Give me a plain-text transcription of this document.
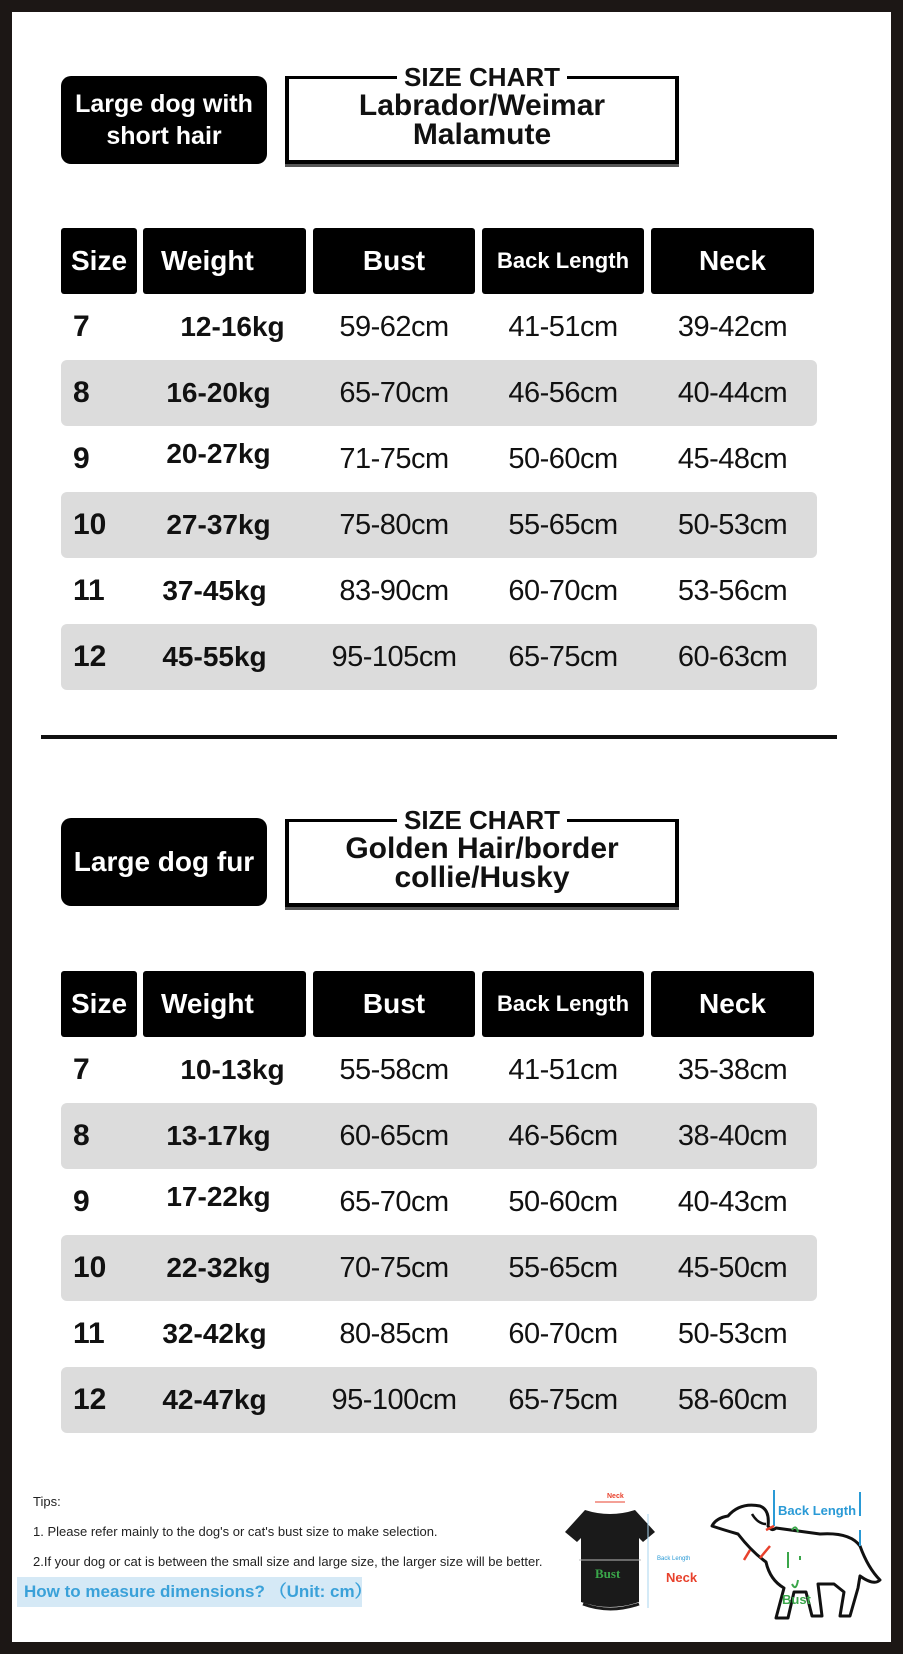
Large dog with
short hair
SIZE CHART
Labrador/Weimar
Malamute
Size	Weight	Bust	Back Length	Neck
7	12-16kg	59-62cm	41-51cm	39-42cm
8	16-20kg	65-70cm	46-56cm	40-44cm
9	20-27kg	71-75cm	50-60cm	45-48cm
10	27-37kg	75-80cm	55-65cm	50-53cm
11	37-45kg	83-90cm	60-70cm	53-56cm
12	45-55kg	95-105cm	65-75cm	60-63cm
Large dog fur
SIZE CHART
Golden Hair/border
collie/Husky
Size	Weight	Bust	Back Length	Neck
7	10-13kg	55-58cm	41-51cm	35-38cm
8	13-17kg	60-65cm	46-56cm	38-40cm
9	17-22kg	65-70cm	50-60cm	40-43cm
10	22-32kg	70-75cm	55-65cm	45-50cm
11	32-42kg	80-85cm	60-70cm	50-53cm
12	42-47kg	95-100cm	65-75cm	58-60cm

Tips:

1. Please refer mainly to the dog's or cat's bust size to make selection.

2.If your dog or cat is between the small size and large size, the larger size will be better.

How to measure dimensions? （Unit: cm）
Neck
Bust
Back Length
Back Length
Neck
Bust
